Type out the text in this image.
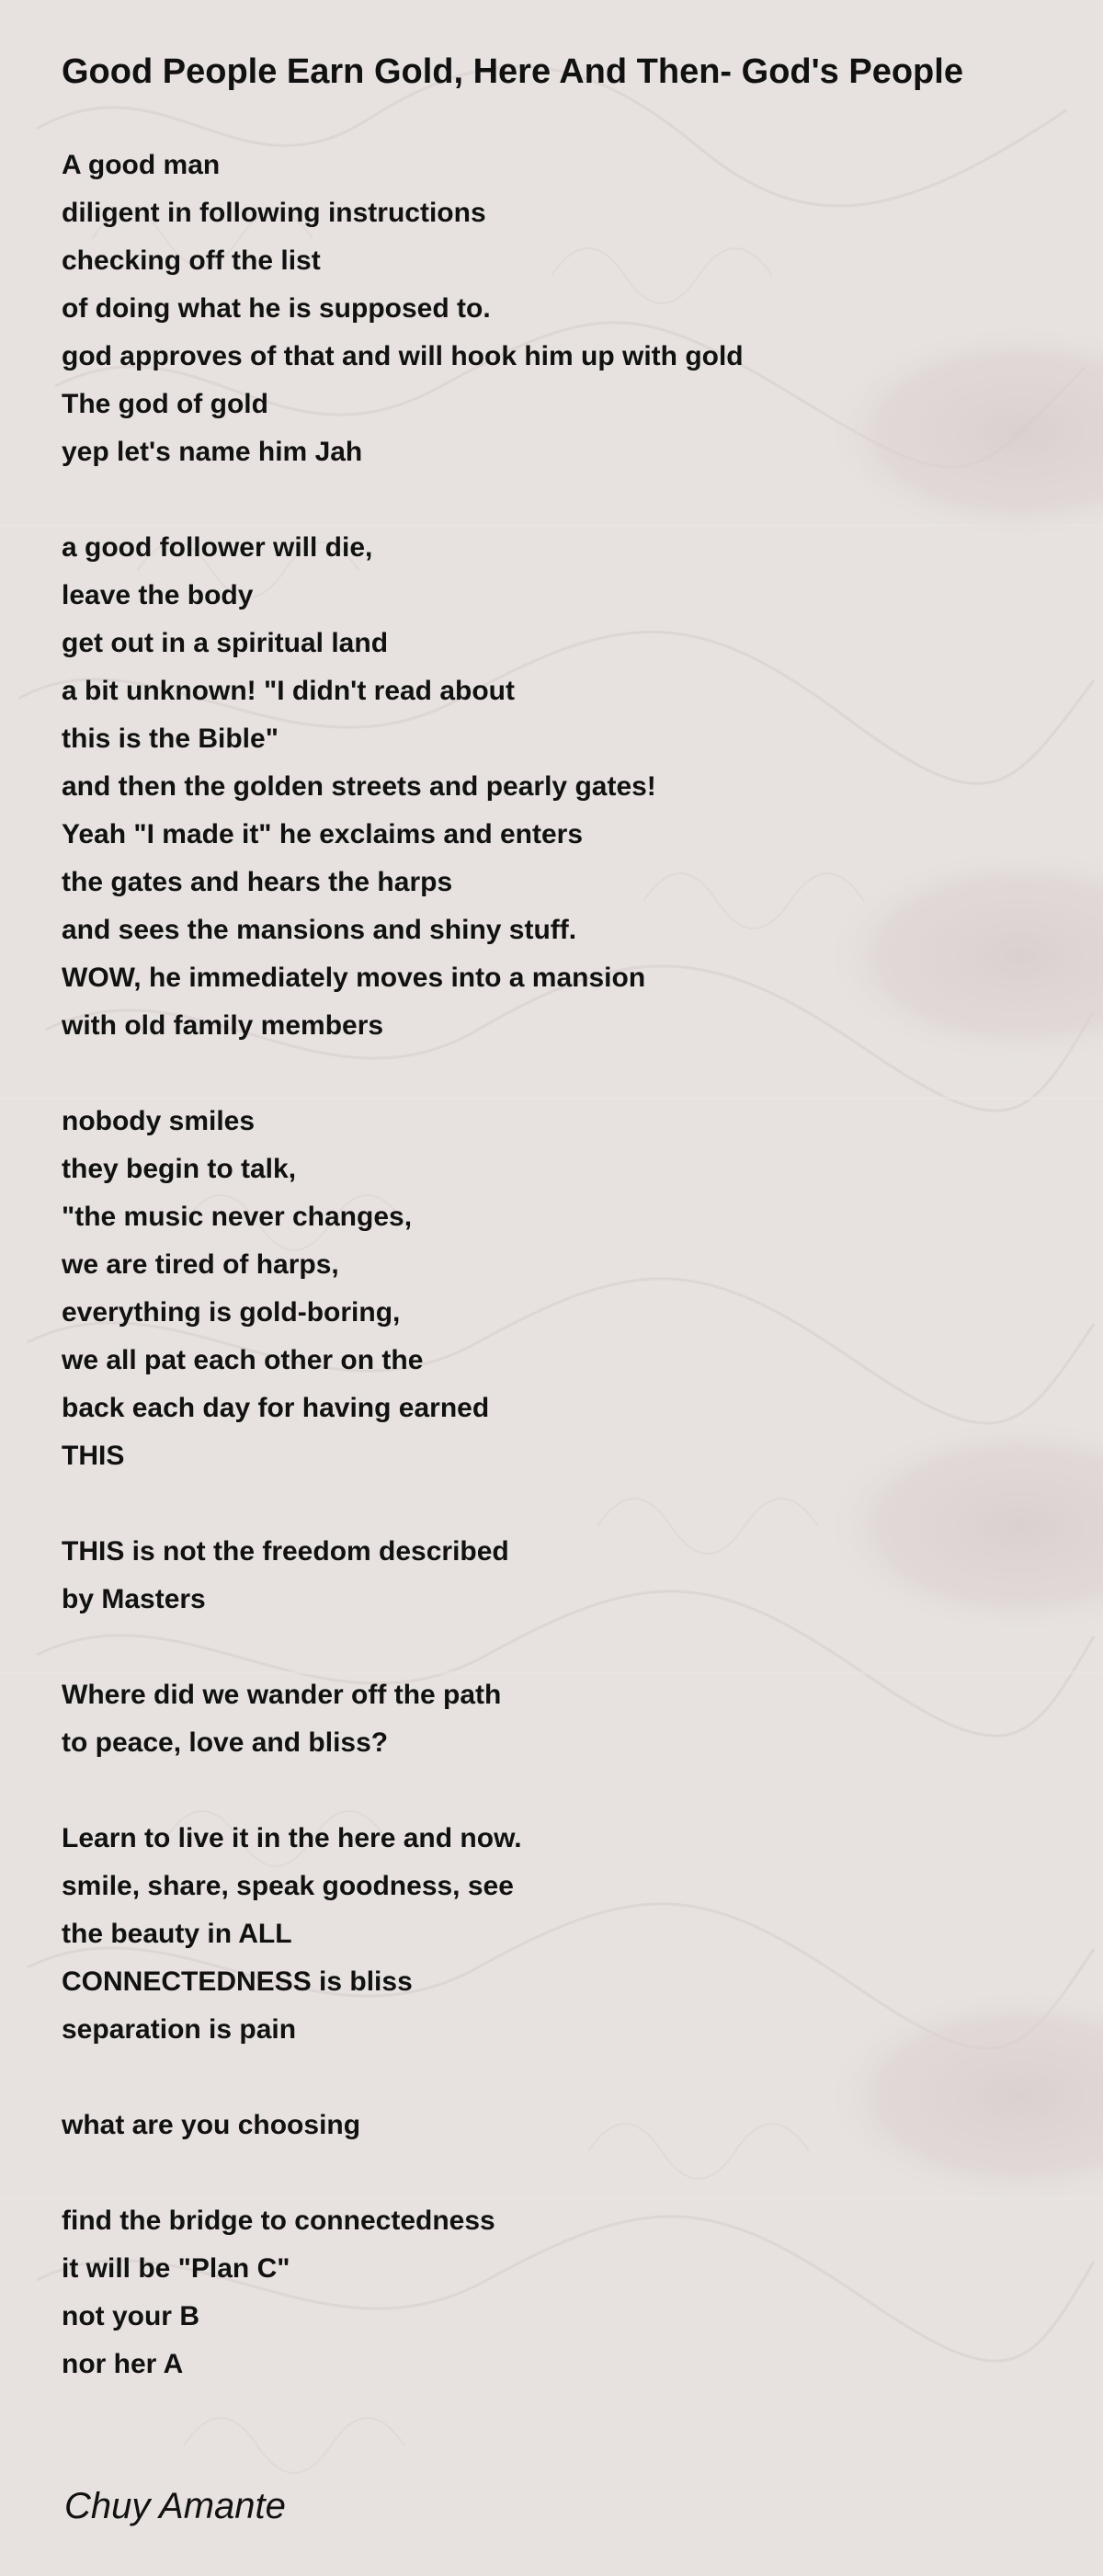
Good People Earn Gold, Here And Then- God's People
A good man
diligent in following instructions
checking off the list
of doing what he is supposed to.
god approves of that and will hook him up with gold
The god of gold
yep let's name him Jah
a good follower will die,
leave the body
get out in a spiritual land
a bit unknown! "I didn't read about
this is the Bible"
and then the golden streets and pearly gates!
Yeah "I made it" he exclaims and enters
the gates and hears the harps
and sees the mansions and shiny stuff.
WOW, he immediately moves into a mansion
with old family members
nobody smiles
they begin to talk,
"the music never changes,
we are tired of harps,
everything is gold-boring,
we all pat each other on the
back each day for having earned
THIS
THIS is not the freedom described
by Masters
Where did we wander off the path
to peace, love and bliss?
Learn to live it in the here and now.
smile, share, speak goodness, see
the beauty in ALL
CONNECTEDNESS is bliss
separation is pain
what are you choosing
find the bridge to connectedness
it will be "Plan C"
not your B
nor her A
Chuy Amante
